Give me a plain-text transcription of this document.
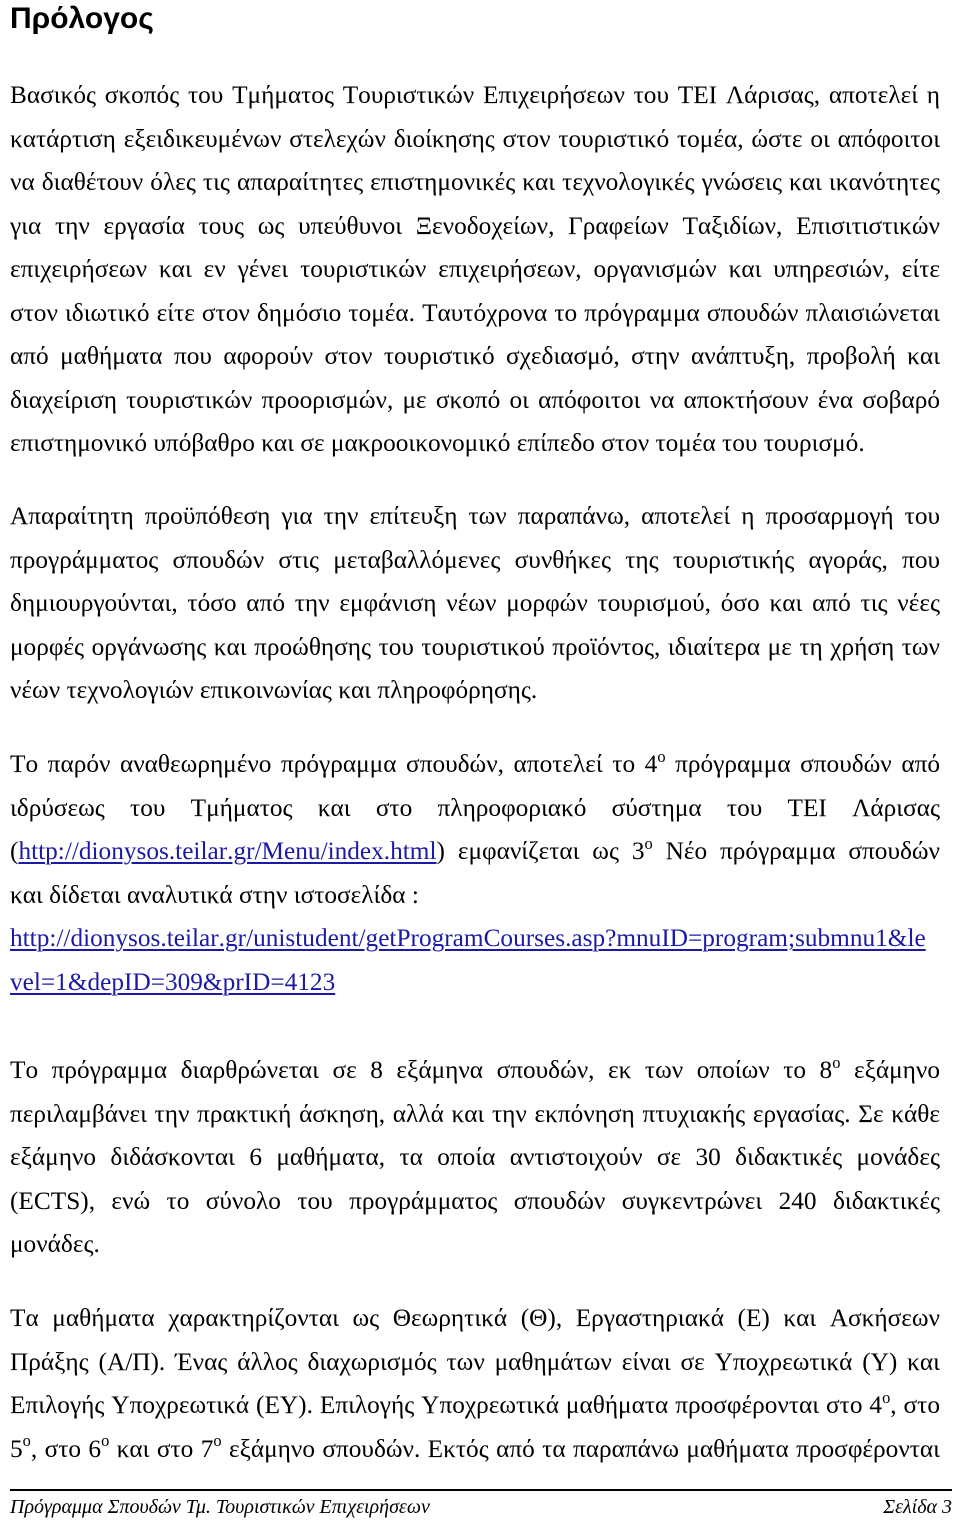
Πρόλογος
Βασικός σκοπός του Τμήματος Τουριστικών Επιχειρήσεων του ΤΕΙ Λάρισας, αποτελεί η
κατάρτιση εξειδικευμένων στελεχών διοίκησης στον τουριστικό τομέα, ώστε οι απόφοιτοι
να διαθέτουν όλες τις απαραίτητες επιστημονικές και τεχνολογικές γνώσεις και ικανότητες
για την εργασία τους ως υπεύθυνοι Ξενοδοχείων, Γραφείων Ταξιδίων, Επισιτιστικών
επιχειρήσεων και εν γένει τουριστικών επιχειρήσεων, οργανισμών και υπηρεσιών, είτε
στον ιδιωτικό είτε στον δημόσιο τομέα. Ταυτόχρονα το πρόγραμμα σπουδών πλαισιώνεται
από μαθήματα που αφορούν στον τουριστικό σχεδιασμό, στην ανάπτυξη, προβολή και
διαχείριση τουριστικών προορισμών, με σκοπό οι απόφοιτοι να αποκτήσουν ένα σοβαρό
επιστημονικό υπόβαθρο και σε μακροοικονομικό επίπεδο στον τομέα του τουρισμό.
Απαραίτητη προϋπόθεση για την επίτευξη των παραπάνω, αποτελεί η προσαρμογή του
προγράμματος σπουδών στις μεταβαλλόμενες συνθήκες της τουριστικής αγοράς, που
δημιουργούνται, τόσο από την εμφάνιση νέων μορφών τουρισμού, όσο και από τις νέες
μορφές οργάνωσης και προώθησης του τουριστικού προϊόντος, ιδιαίτερα με τη χρήση των
νέων τεχνολογιών επικοινωνίας και πληροφόρησης.
Το παρόν αναθεωρημένο πρόγραμμα σπουδών, αποτελεί το $4^o$ πρόγραμμα σπουδών από
ιδρύσεως του Τμήματος και στο πληροφοριακό σύστημα του ΤΕΙ Λάρισας
(http://dionysos.teilar.gr/Menu/index.html) εμφανίζεται ως $3^o$ Νέο πρόγραμμα σπουδών
και δίδεται αναλυτικά στην ιστοσελίδα :
http://dionysos.teilar.gr/unistudent/getProgramCourses.asp?mnuID=program;submnu1&le
vel=1&depID=309&prID=4123
Το πρόγραμμα διαρθρώνεται σε 8 εξάμηνα σπουδών, εκ των οποίων το $8^o$ εξάμηνο
περιλαμβάνει την πρακτική άσκηση, αλλά και την εκπόνηση πτυχιακής εργασίας. Σε κάθε
εξάμηνο διδάσκονται 6 μαθήματα, τα οποία αντιστοιχούν σε 30 διδακτικές μονάδες
(ECTS), ενώ το σύνολο του προγράμματος σπουδών συγκεντρώνει 240 διδακτικές
μονάδες.
Τα μαθήματα χαρακτηρίζονται ως Θεωρητικά (Θ), Εργαστηριακά (Ε) και Ασκήσεων
Πράξης (Α/Π). Ένας άλλος διαχωρισμός των μαθημάτων είναι σε Υποχρεωτικά (Υ) και
Επιλογής Υποχρεωτικά (ΕΥ). Επιλογής Υποχρεωτικά μαθήματα προσφέρονται στο $4^o$, στο
$5^o$, στο $6^o$ και στο $7^o$ εξάμηνο σπουδών. Εκτός από τα παραπάνω μαθήματα προσφέρονται
Πρόγραμμα Σπουδών Τμ. Τουριστικών Επιχειρήσεων	Σελίδα 3
